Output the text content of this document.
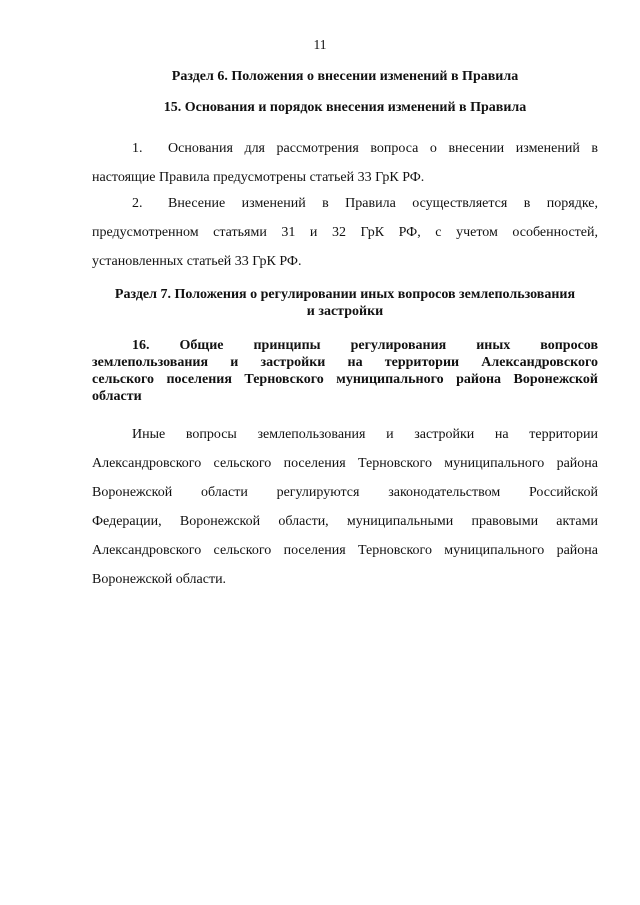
11
Раздел 6. Положения о внесении изменений в Правила
15. Основания и порядок внесения изменений в Правила
1. Основания для рассмотрения вопроса о внесении изменений в
настоящие Правила предусмотрены статьей 33 ГрК РФ.
2. Внесение изменений в Правила осуществляется в порядке,
предусмотренном статьями 31 и 32 ГрК РФ, с учетом особенностей,
установленных статьей 33 ГрК РФ.
Раздел 7. Положения о регулировании иных вопросов землепользования
и застройки
16. Общие принципы регулирования иных вопросов
землепользования и застройки на территории Александровского
сельского поселения Терновского муниципального района Воронежской
области
Иные вопросы землепользования и застройки на территории
Александровского сельского поселения Терновского муниципального района
Воронежской области регулируются законодательством Российской
Федерации, Воронежской области, муниципальными правовыми актами
Александровского сельского поселения Терновского муниципального района
Воронежской области.
